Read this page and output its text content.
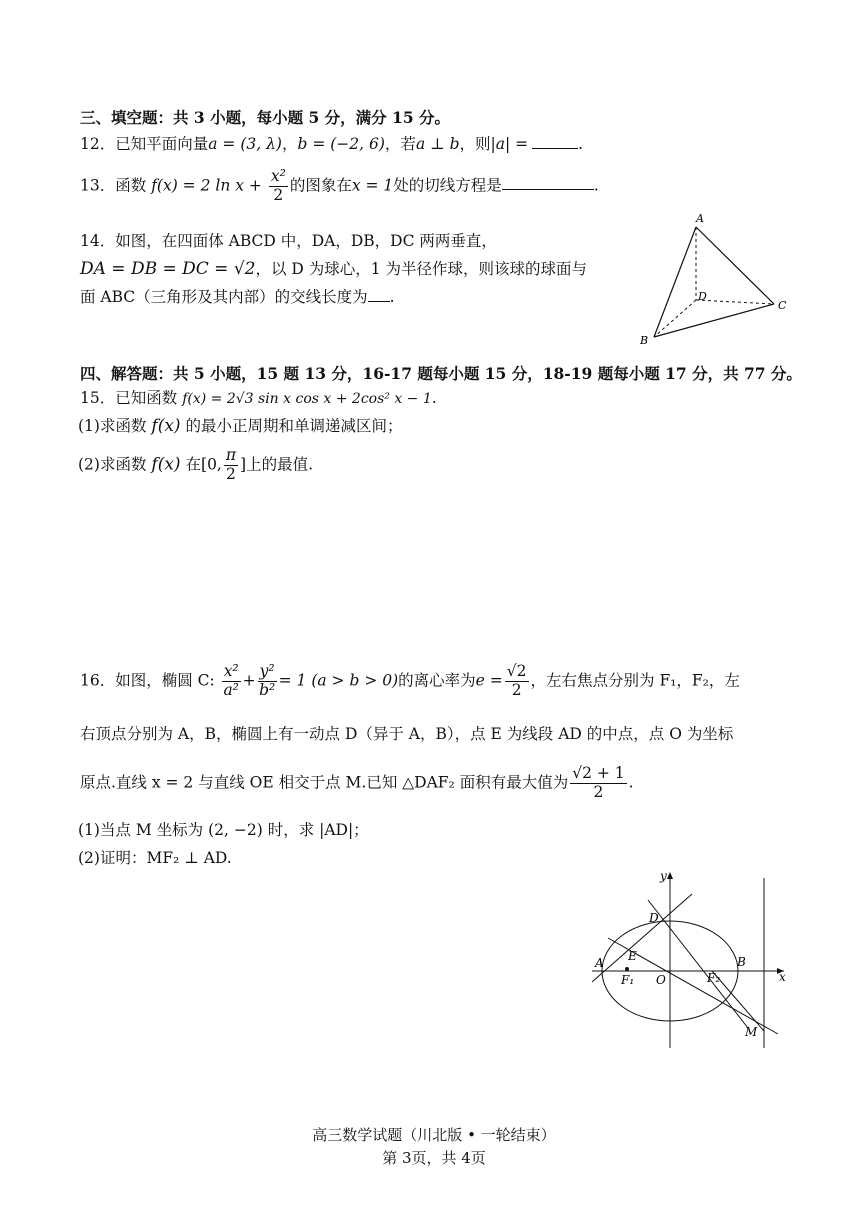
三、填空题：共 3 小题，每小题 5 分，满分 15 分。
12．已知平面向量a = (3, λ)，b = (−2, 6)，若a ⊥ b，则|a| =	.
13．函数 f(x) = 2 $\ln x + \frac{\text{x²}}{2}$ 的图象在x = 1处的切线方程是	.
14．如图，在四面体 ABCD 中，DA，DB，DC 两两垂直，
DA = DB = DC = √2，以 D 为球心，1 为半径作球，则该球的球面与
面 ABC（三角形及其内部）的交线长度为 .
A
D
C
B
四、解答题：共 5 小题，15 题 13 分，16-17 题每小题 15 分，18-19 题每小题 17 分，共 77 分。
15．已知函数 f(x) = 2√3 sin x cos x + 2cos² x − 1.
(1)求函数 f(x) 的最小正周期和单调递减区间；
(2)求函数 f(x) 在[0, $\frac{\pi}{2}$ ]上的最值.
16．如图，椭圆 C: $\frac{\text{x²}}{\text{a²}} + \frac{\text{y²}}{\text{b²}} = 1$ (a > b > 0)的离心率为$e = \frac{√2}{2}$ ，左右焦点分别为 F₁，F₂，左
右顶点分别为 A，B，椭圆上有一动点 D（异于 A，B），点 E 为线段 AD 的中点，点 O 为坐标
原点.直线 x = 2 与直线 OE 相交于点 M.已知 △DAF₂ 面积有最大值为 $\frac{√2 + 1}{2}$ .
(1)当点 M 坐标为 (2, −2) 时，求 |AD|；
(2)证明：MF₂ ⊥ AD.
y
x
D
A E
F₁ O	F₂
B
M
高三数学试题（川北版 • 一轮结束）
第 3页，共 4页
